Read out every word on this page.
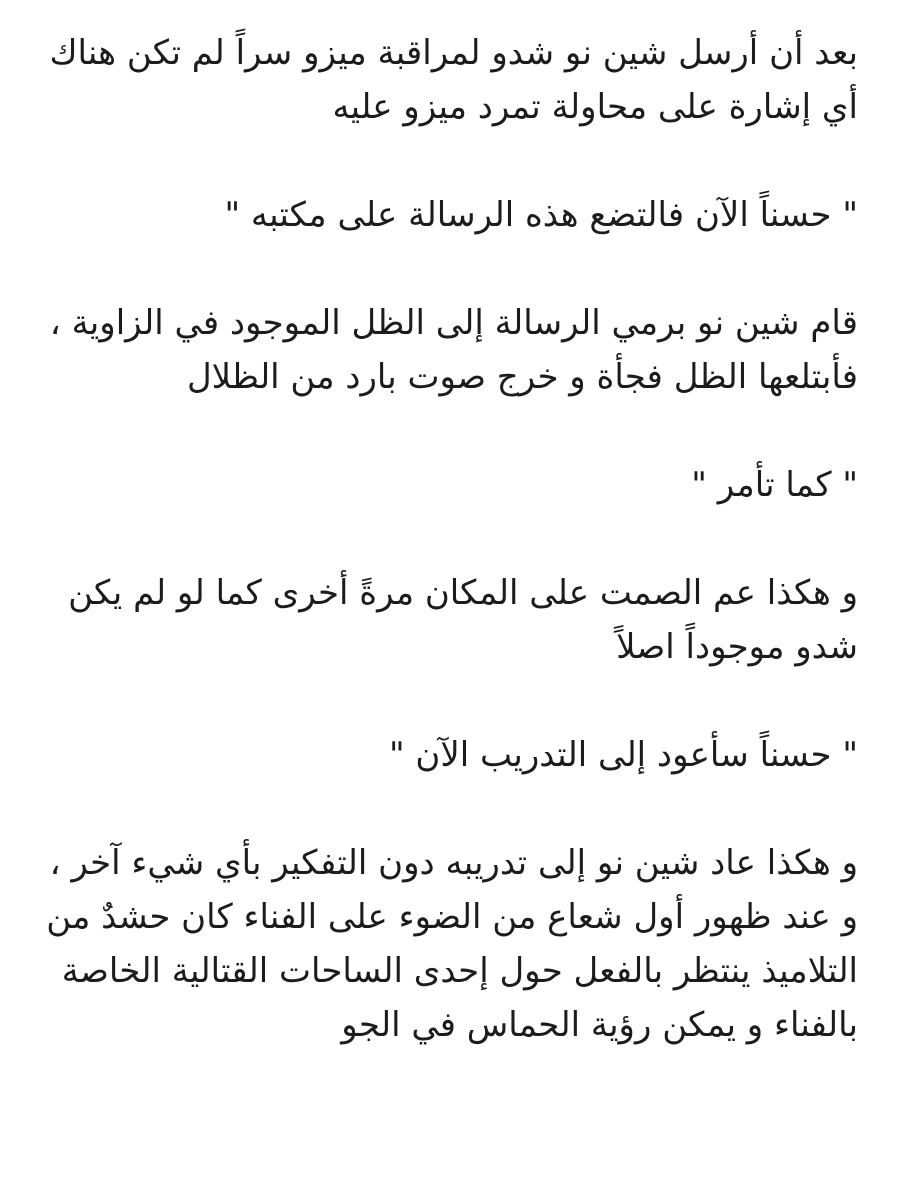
بعد أن أرسل شين نو شدو لمراقبة ميزو سراً لم تكن هناك أي إشارة على محاولة تمرد ميزو عليه

" حسناً الآن فالتضع هذه الرسالة على مكتبه "

قام شين نو برمي الرسالة إلى الظل الموجود في الزاوية ، فأبتلعها الظل فجأة و خرج صوت بارد من الظلال

" كما تأمر "

و هكذا عم الصمت على المكان مرةً أخرى كما لو لم يكن شدو موجوداً اصلاً

" حسناً سأعود إلى التدريب الآن "

و هكذا عاد شين نو إلى تدريبه دون التفكير بأي شيء آخر ، و عند ظهور أول شعاع من الضوء على الفناء كان حشدٌ من التلاميذ ينتظر بالفعل حول إحدى الساحات القتالية الخاصة بالفناء و يمكن رؤية الحماس في الجو
